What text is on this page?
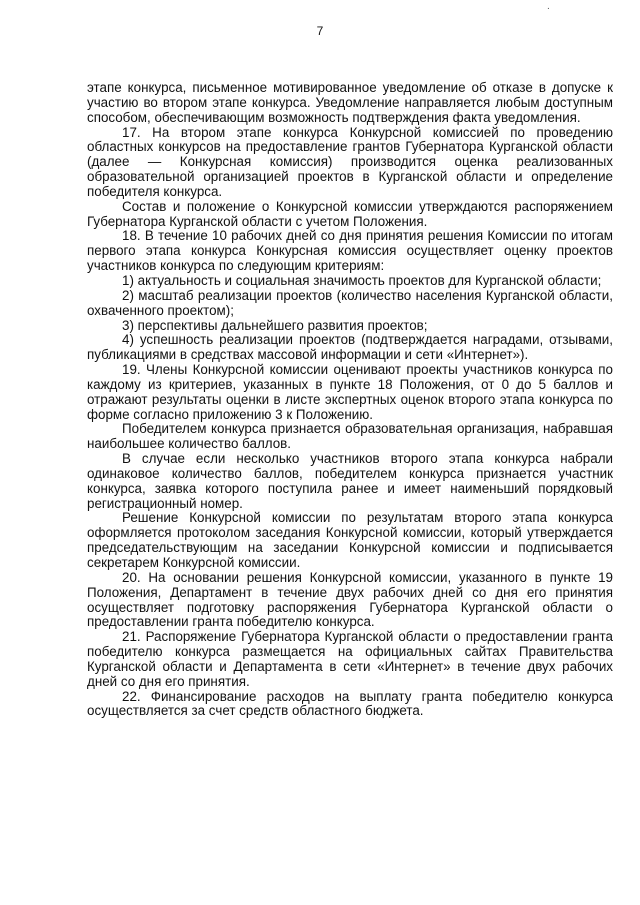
.
7

этапе конкурса, письменное мотивированное уведомление об отказе в допуске к участию во втором этапе конкурса. Уведомление направляется любым доступным способом, обеспечивающим возможность подтверждения факта уведомления.

17. На втором этапе конкурса Конкурсной комиссией по проведению областных конкурсов на предоставление грантов Губернатора Курганской области (далее — Конкурсная комиссия) производится оценка реализованных образовательной организацией проектов в Курганской области и определение победителя конкурса.

Состав и положение о Конкурсной комиссии утверждаются распоряжением Губернатора Курганской области с учетом Положения.

18. В течение 10 рабочих дней со дня принятия решения Комиссии по итогам первого этапа конкурса Конкурсная комиссия осуществляет оценку проектов участников конкурса по следующим критериям:

1) актуальность и социальная значимость проектов для Курганской области;

2) масштаб реализации проектов (количество населения Курганской области, охваченного проектом);

3) перспективы дальнейшего развития проектов;

4) успешность реализации проектов (подтверждается наградами, отзывами, публикациями в средствах массовой информации и сети «Интернет»).

19. Члены Конкурсной комиссии оценивают проекты участников конкурса по каждому из критериев, указанных в пункте 18 Положения, от 0 до 5 баллов и отражают результаты оценки в листе экспертных оценок второго этапа конкурса по форме согласно приложению 3 к Положению.

Победителем конкурса признается образовательная организация, набравшая наибольшее количество баллов.

В случае если несколько участников второго этапа конкурса набрали одинаковое количество баллов, победителем конкурса признается участник конкурса, заявка которого поступила ранее и имеет наименьший порядковый регистрационный номер.

Решение Конкурсной комиссии по результатам второго этапа конкурса оформляется протоколом заседания Конкурсной комиссии, который утверждается председательствующим на заседании Конкурсной комиссии и подписывается секретарем Конкурсной комиссии.

20. На основании решения Конкурсной комиссии, указанного в пункте 19 Положения, Департамент в течение двух рабочих дней со дня его принятия осуществляет подготовку распоряжения Губернатора Курганской области о предоставлении гранта победителю конкурса.

21. Распоряжение Губернатора Курганской области о предоставлении гранта победителю конкурса размещается на официальных сайтах Правительства Курганской области и Департамента в сети «Интернет» в течение двух рабочих дней со дня его принятия.

22. Финансирование расходов на выплату гранта победителю конкурса осуществляется за счет средств областного бюджета.
